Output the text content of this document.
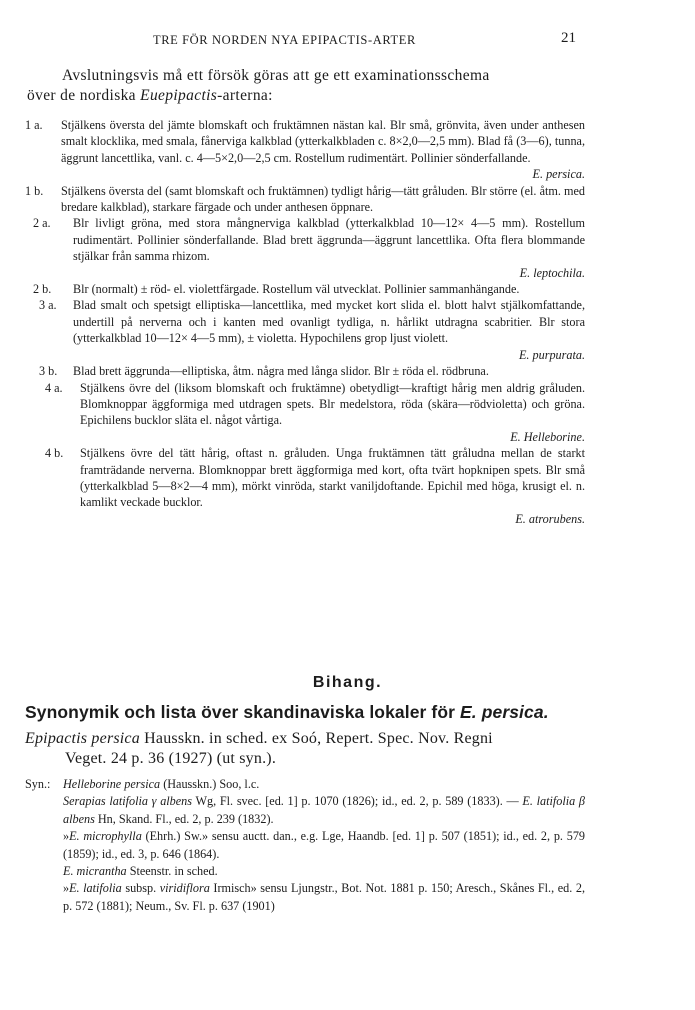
TRE FÖR NORDEN NYA EPIPACTIS-ARTER	21
Avslutningsvis må ett försök göras att ge ett examinationsschema
över de nordiska Euepipactis-arterna:
1 a. Stjälkens översta del jämte blomskaft och fruktämnen nästan kal. Blr små, grönvita, även under anthesen smalt klocklika, med smala, fånerviga kalkblad (ytterkalkbladen c. 8×2,0—2,5 mm). Blad få (3—6), tunna, äggrunt lancettlika, vanl. c. 4—5×2,0—2,5 cm. Rostellum rudimentärt. Pollinier sönderfallande.
E. persica.
1 b. Stjälkens översta del (samt blomskaft och fruktämnen) tydligt hårig—tätt gråluden. Blr större (el. åtm. med bredare kalkblad), starkare färgade och under anthesen öppnare.
2 a. Blr livligt gröna, med stora mångnerviga kalkblad (ytterkalkblad 10—12× 4—5 mm). Rostellum rudimentärt. Pollinier sönderfallande. Blad brett äggrunda—äggrunt lancettlika. Ofta flera blommande stjälkar från samma rhizom.
E. leptochila.
2 b. Blr (normalt) ± röd- el. violettfärgade. Rostellum väl utvecklat. Pollinier sammanhängande.
3 a. Blad smalt och spetsigt elliptiska—lancettlika, med mycket kort slida el. blott halvt stjälkomfattande, undertill på nerverna och i kanten med ovanligt tydliga, n. hårlikt utdragna scabritier. Blr stora (ytterkalkblad 10—12× 4—5 mm), ± violetta. Hypochilens grop ljust violett.
E. purpurata.
3 b. Blad brett äggrunda—elliptiska, åtm. några med långa slidor. Blr ± röda el. rödbruna.
4 a. Stjälkens övre del (liksom blomskaft och fruktämne) obetydligt—kraftigt hårig men aldrig gråluden. Blomknoppar äggformiga med utdragen spets. Blr medelstora, röda (skära—rödvioletta) och gröna. Epichilens bucklor släta el. något vårtiga.
E. Helleborine.
4 b. Stjälkens övre del tätt hårig, oftast n. gråluden. Unga fruktämnen tätt gråludna mellan de starkt framträdande nerverna. Blomknoppar brett äggformiga med kort, ofta tvärt hopknipen spets. Blr små (ytterkalkblad 5—8×2—4 mm), mörkt vinröda, starkt vaniljdoftande. Epichil med höga, krusigt el. n. kamlikt veckade bucklor.
E. atrorubens.
Bihang.
Synonymik och lista över skandinaviska lokaler för E. persica.
Epipactis persica Hausskn. in sched. ex Soó, Repert. Spec. Nov. Regni
Veget. 24 p. 36 (1927) (ut syn.).
Syn.: Helleborine persica (Hausskn.) Soo, l.c.
Serapias latifolia γ albens Wg, Fl. svec. [ed. 1] p. 1070 (1826); id., ed. 2, p. 589 (1833). — E. latifolia β albens Hn, Skand. Fl., ed. 2, p. 239 (1832).
»E. microphylla (Ehrh.) Sw.» sensu auctt. dan., e.g. Lge, Haandb. [ed. 1] p. 507 (1851); id., ed. 2, p. 579 (1859); id., ed. 3, p. 646 (1864).
E. micrantha Steenstr. in sched.
»E. latifolia subsp. viridiflora Irmisch» sensu Ljungstr., Bot. Not. 1881 p. 150; Aresch., Skånes Fl., ed. 2, p. 572 (1881); Neum., Sv. Fl. p. 637 (1901)
